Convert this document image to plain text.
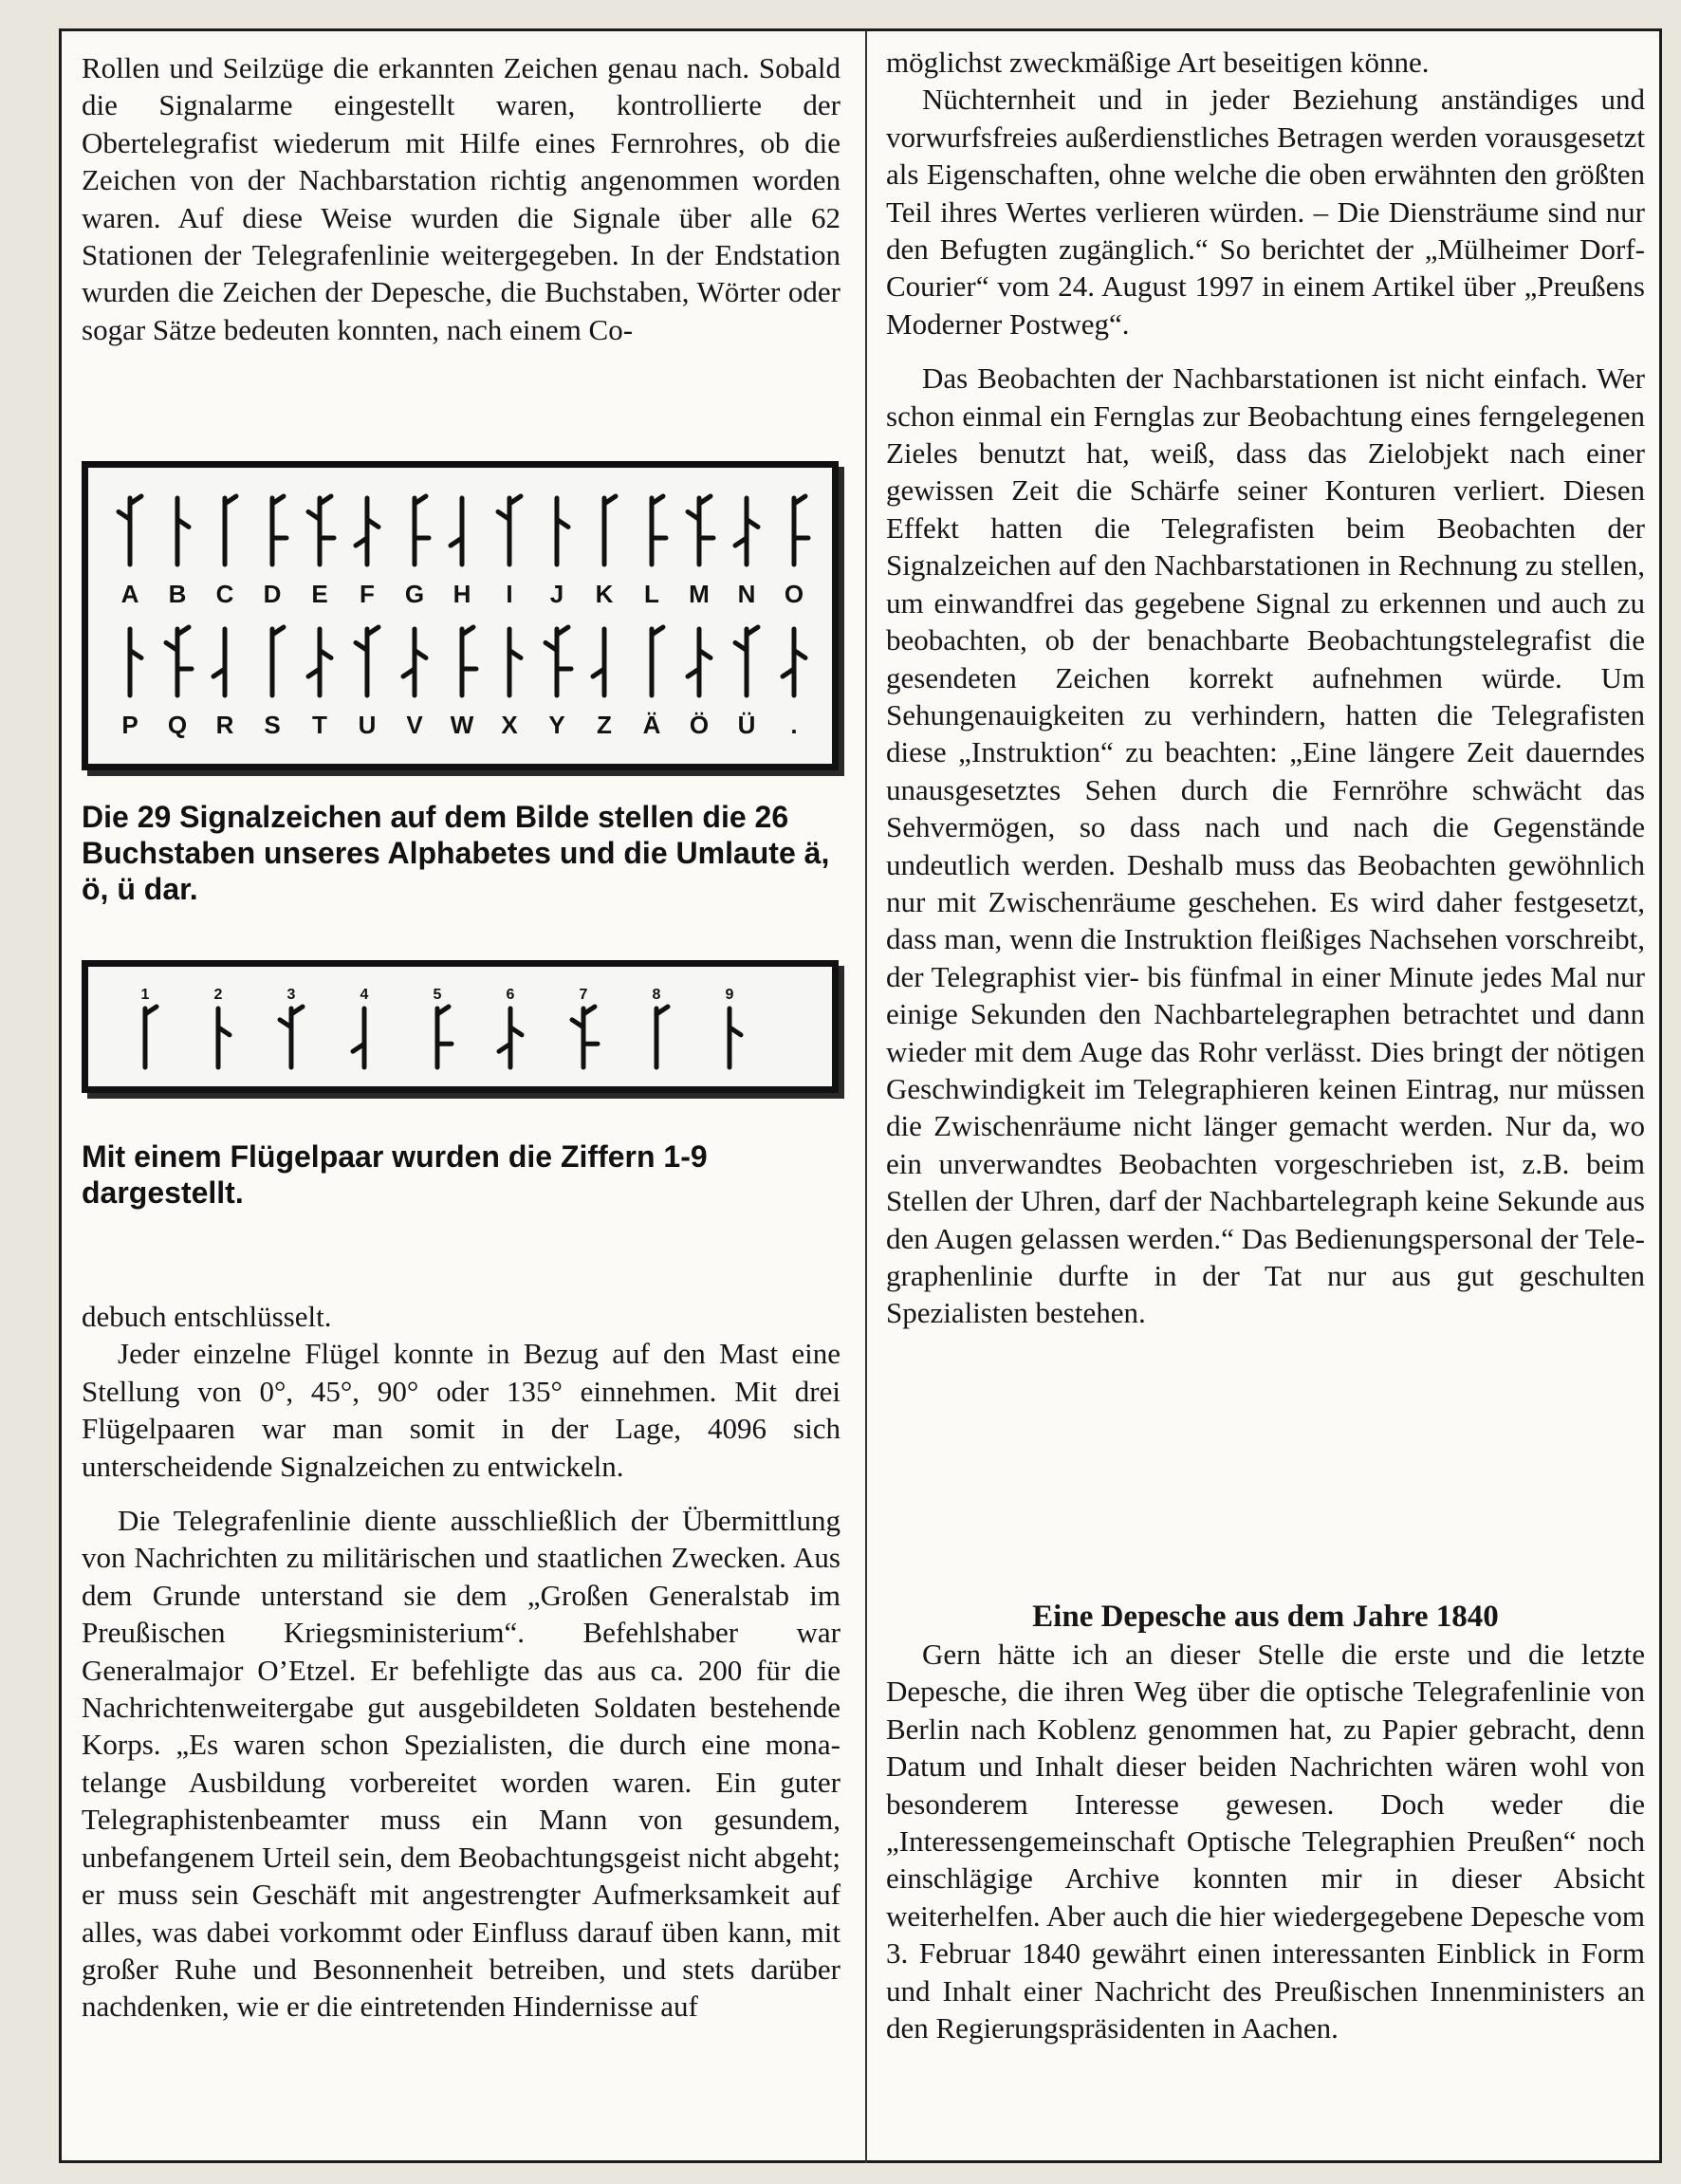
Rollen und Seilzüge die erkannten Zeichen genau nach. Sobald die Signalarme eingestellt waren, kontrollierte der Obertelegrafist wiederum mit Hilfe eines Fernrohres, ob die Zeichen von der Nachbarstation richtig angenommen worden waren. Auf diese Weise wurden die Signale über alle 62 Stationen der Telegrafenlinie weitergegeben. In der Endstation wurden die Zeichen der Depesche, die Buchstaben, Wörter oder sogar Sätze bedeuten konnten, nach einem Co-

A B C D E F G H I J K L M N O
P Q R S T U V W X Y Z Ä Ö Ü .

Die 29 Signalzeichen auf dem Bilde stellen die 26 Buchstaben unseres Alphabetes und die Umlaute ä, ö, ü dar.

1	2	3	4	5	6	7	8	9

Mit einem Flügelpaar wurden die Ziffern 1-9 dargestellt.

debuch entschlüsselt.

Jeder einzelne Flügel konnte in Bezug auf den Mast eine Stellung von 0°, 45°, 90° oder 135° einnehmen. Mit drei Flügelpaaren war man somit in der Lage, 4096 sich unterscheidende Signalzeichen zu entwickeln.

Die Telegrafenlinie diente ausschließlich der Übermittlung von Nachrichten zu militärischen und staatlichen Zwecken. Aus dem Grunde unterstand sie dem „Großen Generalstab im Preußischen Kriegsministerium“. Befehlshaber war Generalmajor O’Etzel. Er befehligte das aus ca. 200 für die Nachrichtenweitergabe gut ausgebildeten Soldaten bestehende Korps. „Es waren schon Spezialisten, die durch eine monatelange Ausbildung vorbereitet worden waren. Ein guter Telegraphistenbeamter muss ein Mann von gesundem, unbefangenem Urteil sein, dem Beobachtungsgeist nicht abgeht; er muss sein Geschäft mit angestrengter Aufmerksamkeit auf alles, was dabei vorkommt oder Einfluss darauf üben kann, mit großer Ruhe und Besonnenheit betreiben, und stets darüber nachdenken, wie er die eintretenden Hindernisse auf

möglichst zweckmäßige Art beseitigen könne.

Nüchternheit und in jeder Beziehung anständiges und vorwurfsfreies außerdienstliches Betragen werden vorausgesetzt als Eigenschaften, ohne welche die oben erwähnten den größten Teil ihres Wertes verlieren würden. – Die Diensträume sind nur den Befugten zugänglich.“ So berichtet der „Mülheimer Dorf-Courier“ vom 24. August 1997 in einem Artikel über „Preußens Moderner Postweg“.

Das Beobachten der Nachbarstationen ist nicht einfach. Wer schon einmal ein Fernglas zur Beobachtung eines ferngelegenen Zieles benutzt hat, weiß, dass das Zielobjekt nach einer gewissen Zeit die Schärfe seiner Konturen verliert. Diesen Effekt hatten die Telegrafisten beim Beobachten der Signalzeichen auf den Nachbarstationen in Rechnung zu stellen, um einwandfrei das gegebene Signal zu erkennen und auch zu beobachten, ob der benachbarte Beobachtungstelegrafist die gesendeten Zeichen korrekt aufnehmen würde. Um Sehungenauigkeiten zu verhindern, hatten die Telegrafisten diese „Instruktion“ zu beachten: „Eine längere Zeit dauerndes unausgesetztes Sehen durch die Fernröhre schwächt das Sehvermögen, so dass nach und nach die Gegenstände undeutlich werden. Deshalb muss das Beobachten gewöhnlich nur mit Zwischenräume geschehen. Es wird daher festgesetzt, dass man, wenn die Instruktion fleißiges Nachsehen vorschreibt, der Telegraphist vier- bis fünfmal in einer Minute jedes Mal nur einige Sekunden den Nachbartelegraphen betrachtet und dann wieder mit dem Auge das Rohr verlässt. Dies bringt der nötigen Geschwindigkeit im Telegraphieren keinen Eintrag, nur müssen die Zwischenräume nicht länger gemacht werden. Nur da, wo ein unverwandtes Beobachten vorgeschrieben ist, z.B. beim Stellen der Uhren, darf der Nachbartelegraph keine Sekunde aus den Augen gelassen werden.“ Das Bedienungspersonal der Telegraphenlinie durfte in der Tat nur aus gut geschulten Spezialisten bestehen.

Eine Depesche aus dem Jahre 1840

Gern hätte ich an dieser Stelle die erste und die letzte Depesche, die ihren Weg über die optische Telegrafenlinie von Berlin nach Koblenz genommen hat, zu Papier gebracht, denn Datum und Inhalt dieser beiden Nachrichten wären wohl von besonderem Interesse gewesen. Doch weder die „Interessengemeinschaft Optische Telegraphien Preußen“ noch einschlägige Archive konnten mir in dieser Absicht weiterhelfen. Aber auch die hier wiedergegebene Depesche vom 3. Februar 1840 gewährt einen interessanten Einblick in Form und Inhalt einer Nachricht des Preußischen Innenministers an den Regierungspräsidenten in Aachen.
